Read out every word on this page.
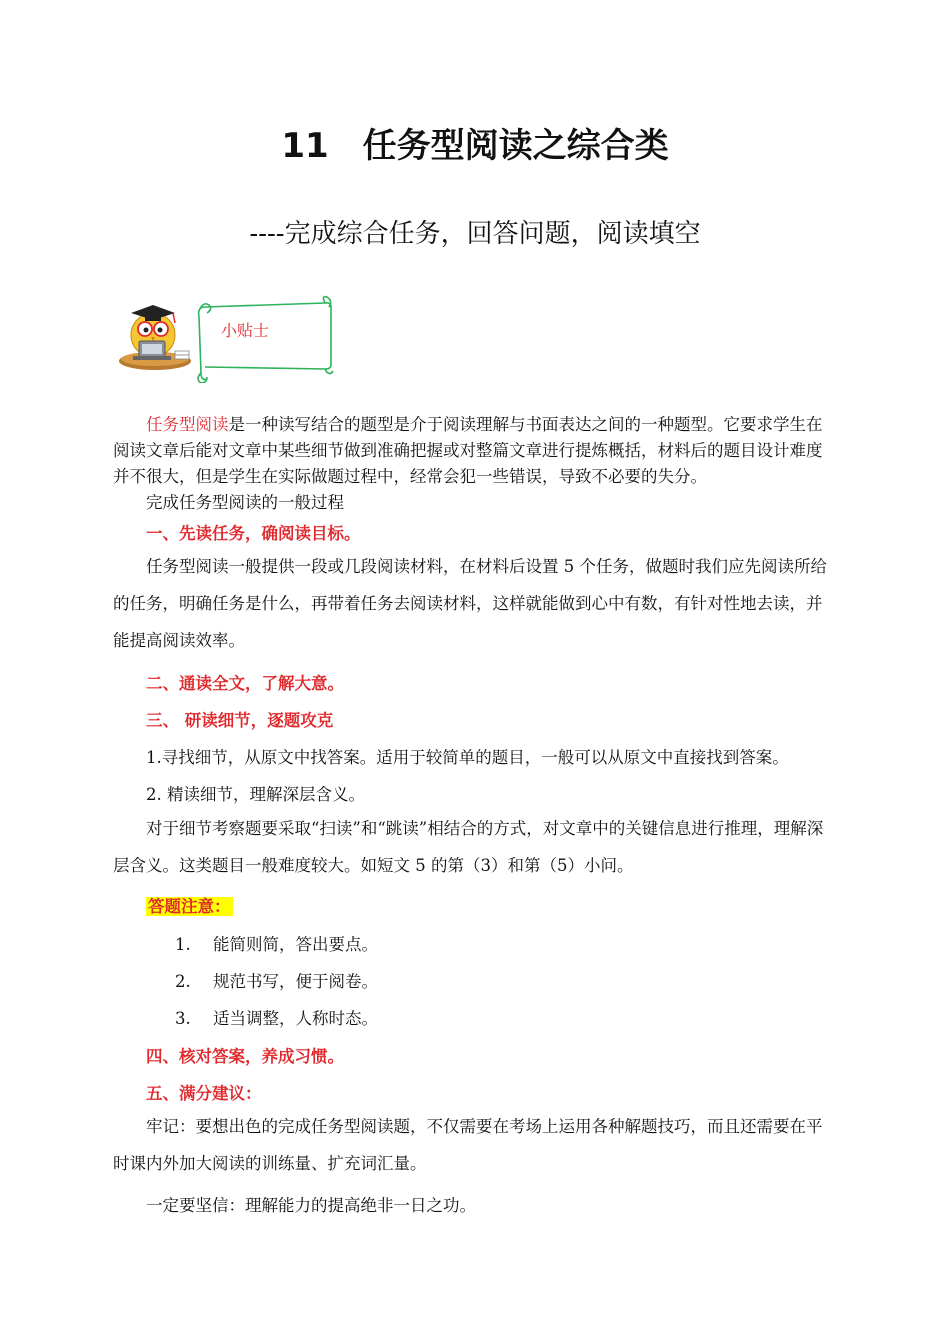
11 任务型阅读之综合类
----完成综合任务，回答问题，阅读填空
小贴士
任务型阅读是一种读写结合的题型是介于阅读理解与书面表达之间的一种题型。它要求学生在阅读文章后能对文章中某些细节做到准确把握或对整篇文章进行提炼概括，材料后的题目设计难度并不很大，但是学生在实际做题过程中，经常会犯一些错误，导致不必要的失分。
完成任务型阅读的一般过程
一、先读任务，确阅读目标。
任务型阅读一般提供一段或几段阅读材料，在材料后设置 5 个任务，做题时我们应先阅读所给的任务，明确任务是什么，再带着任务去阅读材料，这样就能做到心中有数，有针对性地去读，并能提高阅读效率。
二、通读全文，了解大意。
三、 研读细节，逐题攻克
1.寻找细节，从原文中找答案。适用于较简单的题目，一般可以从原文中直接找到答案。
2. 精读细节，理解深层含义。
对于细节考察题要采取“扫读”和“跳读”相结合的方式，对文章中的关键信息进行推理，理解深层含义。这类题目一般难度较大。如短文 5 的第（3）和第（5）小问。
答题注意：
1. 能简则简，答出要点。
2. 规范书写，便于阅卷。
3. 适当调整，人称时态。
四、核对答案，养成习惯。
五、满分建议：
牢记：要想出色的完成任务型阅读题，不仅需要在考场上运用各种解题技巧，而且还需要在平时课内外加大阅读的训练量、扩充词汇量。
一定要坚信：理解能力的提高绝非一日之功。
